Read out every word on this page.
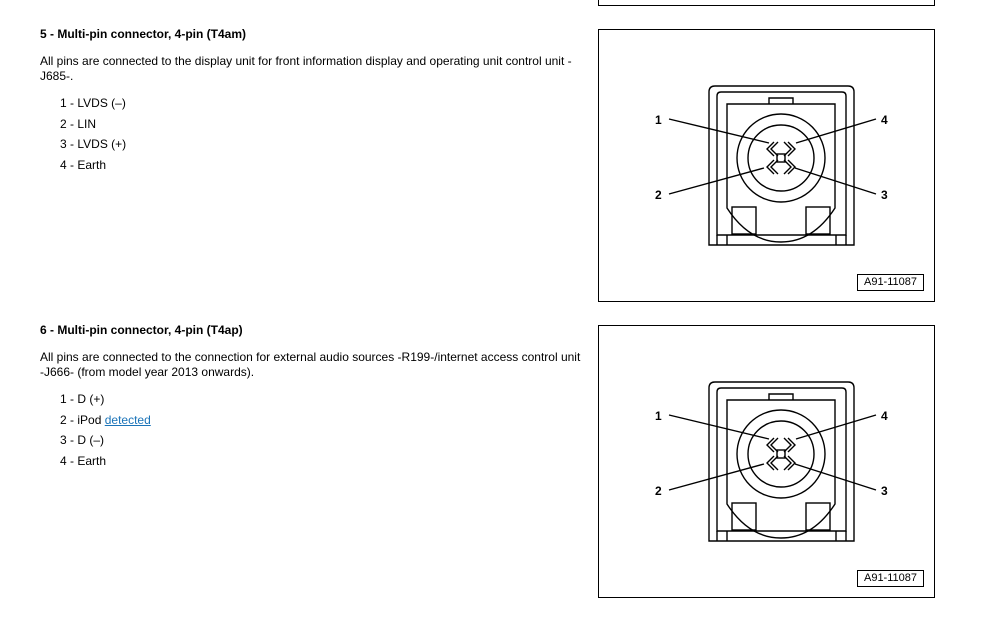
5 - Multi-pin connector, 4-pin (T4am)

All pins are connected to the display unit for front information display and operating unit control unit -J685-.

1 - LVDS (–)
2 - LIN
3 - LVDS (+)
4 - Earth
1
2	3
4
A91-11087

6 - Multi-pin connector, 4-pin (T4ap)

All pins are connected to the connection for external audio sources -R199-/internet access control unit -J666- (from model year 2013 onwards).

1 - D (+)
2 - iPod detected
3 - D (–)
4 - Earth
1
2	3
4
A91-11087
